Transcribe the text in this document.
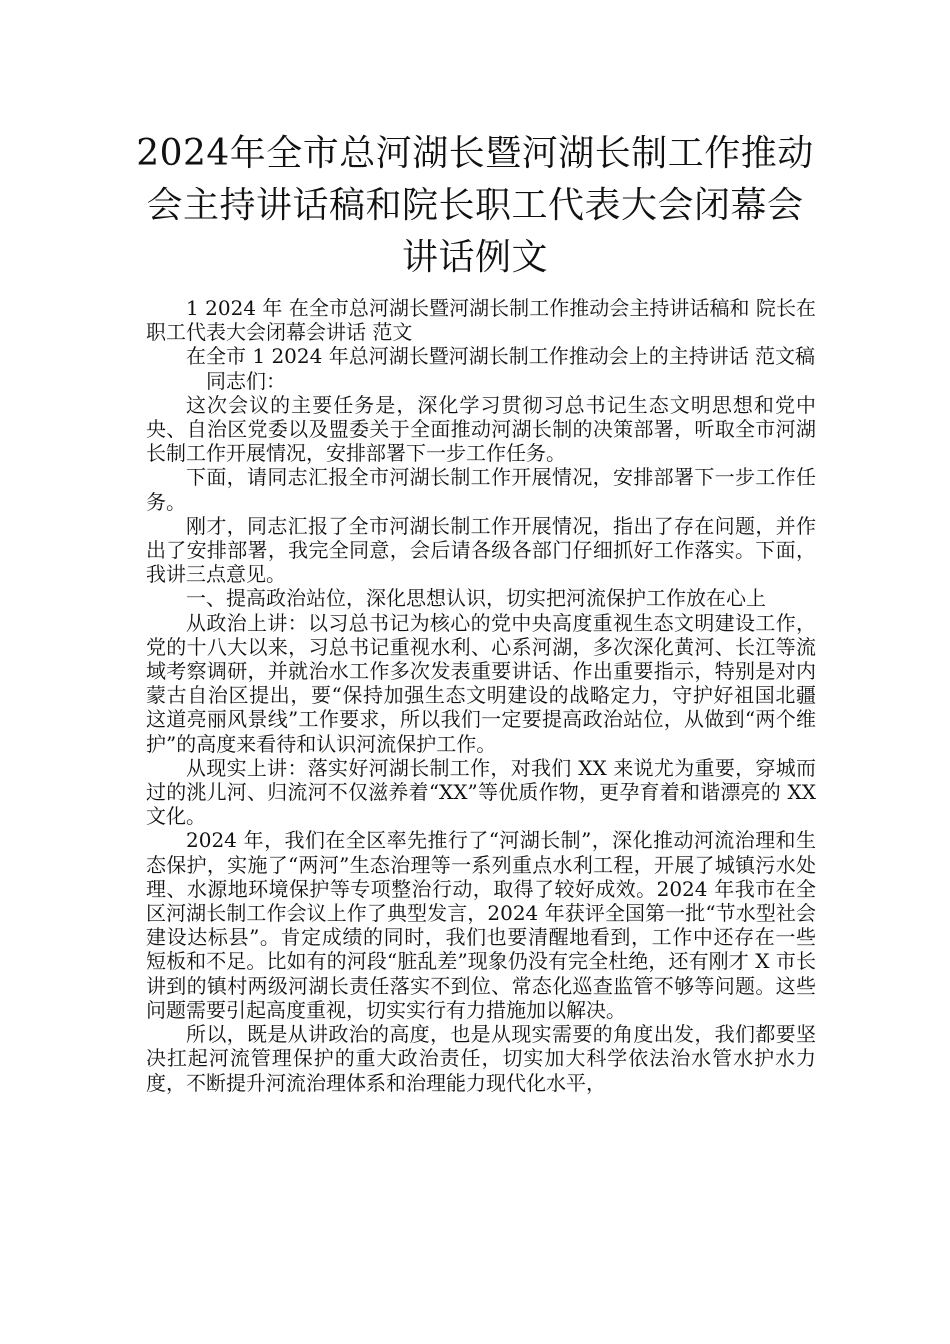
2024年全市总河湖长暨河湖长制工作推动会主持讲话稿和院长职工代表大会闭幕会讲话例文

1 2024 年 在全市总河湖长暨河湖长制工作推动会主持讲话稿和 院长在职工代表大会闭幕会讲话 范文

在全市 1 2024 年总河湖长暨河湖长制工作推动会上的主持讲话 范文稿

同志们：

这次会议的主要任务是，深化学习贯彻习总书记生态文明思想和党中央、自治区党委以及盟委关于全面推动河湖长制的决策部署，听取全市河湖长制工作开展情况，安排部署下一步工作任务。

下面，请同志汇报全市河湖长制工作开展情况，安排部署下一步工作任务。

刚才，同志汇报了全市河湖长制工作开展情况，指出了存在问题，并作出了安排部署，我完全同意，会后请各级各部门仔细抓好工作落实。下面，我讲三点意见。

一、提高政治站位，深化思想认识，切实把河流保护工作放在心上

从政治上讲：以习总书记为核心的党中央高度重视生态文明建设工作，党的十八大以来，习总书记重视水利、心系河湖，多次深化黄河、长江等流域考察调研，并就治水工作多次发表重要讲话、作出重要指示，特别是对内蒙古自治区提出，要“保持加强生态文明建设的战略定力，守护好祖国北疆这道亮丽风景线”工作要求，所以我们一定要提高政治站位，从做到“两个维护”的高度来看待和认识河流保护工作。

从现实上讲：落实好河湖长制工作，对我们 XX 来说尤为重要，穿城而过的洮儿河、归流河不仅滋养着“XX”等优质作物，更孕育着和谐漂亮的 XX 文化。

2024 年，我们在全区率先推行了“河湖长制”，深化推动河流治理和生态保护，实施了“两河”生态治理等一系列重点水利工程，开展了城镇污水处理、水源地环境保护等专项整治行动，取得了较好成效。2024 年我市在全区河湖长制工作会议上作了典型发言，2024 年获评全国第一批“节水型社会建设达标县”。肯定成绩的同时，我们也要清醒地看到，工作中还存在一些短板和不足。比如有的河段“脏乱差”现象仍没有完全杜绝，还有刚才 X 市长讲到的镇村两级河湖长责任落实不到位、常态化巡查监管不够等问题。这些问题需要引起高度重视，切实实行有力措施加以解决。

所以，既是从讲政治的高度，也是从现实需要的角度出发，我们都要坚决扛起河流管理保护的重大政治责任，切实加大科学依法治水管水护水力度，不断提升河流治理体系和治理能力现代化水平，
